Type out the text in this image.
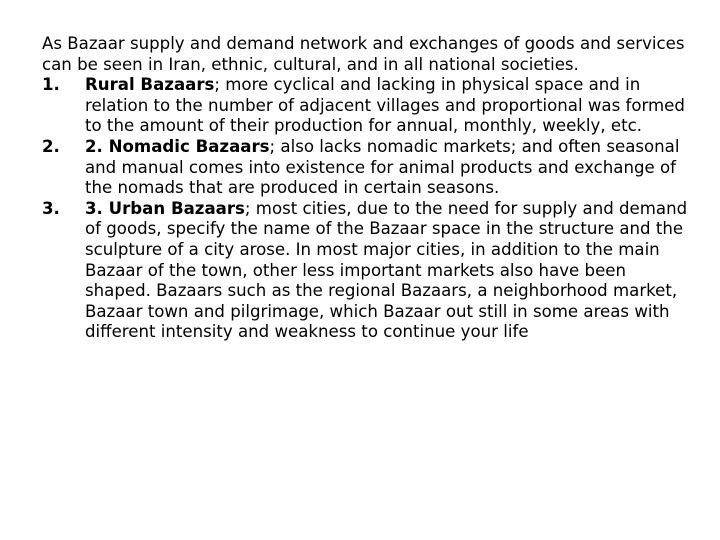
As Bazaar supply and demand network and exchanges of goods and services can be seen in Iran, ethnic, cultural, and in all national societies.

1. Rural Bazaars; more cyclical and lacking in physical space and in relation to the number of adjacent villages and proportional was formed to the amount of their production for annual, monthly, weekly, etc.
2. 2. Nomadic Bazaars; also lacks nomadic markets; and often seasonal and manual comes into existence for animal products and exchange of the nomads that are produced in certain seasons.
3. 3. Urban Bazaars; most cities, due to the need for supply and demand of goods, specify the name of the Bazaar space in the structure and the sculpture of a city arose. In most major cities, in addition to the main Bazaar of the town, other less important markets also have been shaped. Bazaars such as the regional Bazaars, a neighborhood market, Bazaar town and pilgrimage, which Bazaar out still in some areas with different intensity and weakness to continue your life
